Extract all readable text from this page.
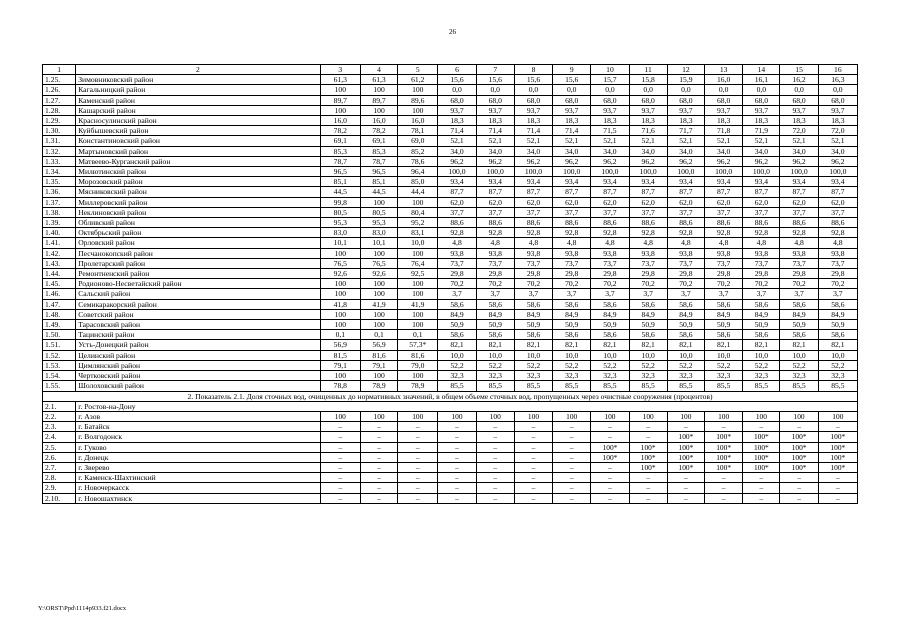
26
1	2	3	4	5	6	7	8	9	10	11	12	13	14	15	16
1.25.	Зимовниковский район	61,3	61,3	61,2	15,6	15,6	15,6	15,6	15,7	15,8	15,9	16,0	16,1	16,2	16,3
1.26.	Кагальницкий район	100	100	100	0,0	0,0	0,0	0,0	0,0	0,0	0,0	0,0	0,0	0,0	0,0
1.27.	Каменский район	89,7	89,7	89,6	68,0	68,0	68,0	68,0	68,0	68,0	68,0	68,0	68,0	68,0	68,0
1.28.	Кашарский район	100	100	100	93,7	93,7	93,7	93,7	93,7	93,7	93,7	93,7	93,7	93,7	93,7
1.29.	Красносулинский район	16,0	16,0	16,0	18,3	18,3	18,3	18,3	18,3	18,3	18,3	18,3	18,3	18,3	18,3
1.30.	Куйбышевский район	78,2	78,2	78,1	71,4	71,4	71,4	71,4	71,5	71,6	71,7	71,8	71,9	72,0	72,0
1.31.	Константиновский район	69,1	69,1	69,0	52,1	52,1	52,1	52,1	52,1	52,1	52,1	52,1	52,1	52,1	52,1
1.32.	Мартыновский район	85,3	85,3	85,2	34,0	34,0	34,0	34,0	34,0	34,0	34,0	34,0	34,0	34,0	34,0
1.33.	Матвеево-Курганский район	78,7	78,7	78,6	96,2	96,2	96,2	96,2	96,2	96,2	96,2	96,2	96,2	96,2	96,2
1.34.	Милютинский район	96,5	96,5	96,4	100,0	100,0	100,0	100,0	100,0	100,0	100,0	100,0	100,0	100,0	100,0
1.35.	Морозовский район	85,1	85,1	85,0	93,4	93,4	93,4	93,4	93,4	93,4	93,4	93,4	93,4	93,4	93,4
1.36.	Мясниковский район	44,5	44,5	44,4	87,7	87,7	87,7	87,7	87,7	87,7	87,7	87,7	87,7	87,7	87,7
1.37.	Миллеровский район	99,8	100	100	62,0	62,0	62,0	62,0	62,0	62,0	62,0	62,0	62,0	62,0	62,0
1.38.	Неклиновский район	80,5	80,5	80,4	37,7	37,7	37,7	37,7	37,7	37,7	37,7	37,7	37,7	37,7	37,7
1.39.	Обливский район	95,3	95,3	95,2	88,6	88,6	88,6	88,6	88,6	88,6	88,6	88,6	88,6	88,6	88,6
1.40.	Октябрьский район	83,0	83,0	83,1	92,8	92,8	92,8	92,8	92,8	92,8	92,8	92,8	92,8	92,8	92,8
1.41.	Орловский район	10,1	10,1	10,0	4,8	4,8	4,8	4,8	4,8	4,8	4,8	4,8	4,8	4,8	4,8
1.42.	Песчанокопский район	100	100	100	93,8	93,8	93,8	93,8	93,8	93,8	93,8	93,8	93,8	93,8	93,8
1.43.	Пролетарский район	76,5	76,5	76,4	73,7	73,7	73,7	73,7	73,7	73,7	73,7	73,7	73,7	73,7	73,7
1.44.	Ремонтненский район	92,6	92,6	92,5	29,8	29,8	29,8	29,8	29,8	29,8	29,8	29,8	29,8	29,8	29,8
1.45.	Родионово-Несветайский район	100	100	100	70,2	70,2	70,2	70,2	70,2	70,2	70,2	70,2	70,2	70,2	70,2
1.46.	Сальский район	100	100	100	3,7	3,7	3,7	3,7	3,7	3,7	3,7	3,7	3,7	3,7	3,7
1.47.	Семикаракорский район	41,8	41,9	41,9	58,6	58,6	58,6	58,6	58,6	58,6	58,6	58,6	58,6	58,6	58,6
1.48.	Советский район	100	100	100	84,9	84,9	84,9	84,9	84,9	84,9	84,9	84,9	84,9	84,9	84,9
1.49.	Тарасовский район	100	100	100	50,9	50,9	50,9	50,9	50,9	50,9	50,9	50,9	50,9	50,9	50,9
1.50.	Тацинский район	0,1	0,1	0,1	58,6	58,6	58,6	58,6	58,6	58,6	58,6	58,6	58,6	58,6	58,6
1.51.	Усть-Донецкий район	56,9	56,9	57,3*	82,1	82,1	82,1	82,1	82,1	82,1	82,1	82,1	82,1	82,1	82,1
1.52.	Целинский район	81,5	81,6	81,6	10,0	10,0	10,0	10,0	10,0	10,0	10,0	10,0	10,0	10,0	10,0
1.53.	Цимлянский район	79,1	79,1	79,0	52,2	52,2	52,2	52,2	52,2	52,2	52,2	52,2	52,2	52,2	52,2
1.54.	Чертковский район	100	100	100	32,3	32,3	32,3	32,3	32,3	32,3	32,3	32,3	32,3	32,3	32,3
1.55.	Шолоховский район	78,8	78,9	78,9	85,5	85,5	85,5	85,5	85,5	85,5	85,5	85,5	85,5	85,5	85,5
2. Показатель 2.1. Доля сточных вод, очищенных до нормативных значений, в общем объеме сточных вод, пропущенных через очистные сооружения (процентов)															
2.1.	г. Ростов-на-Дону														
2.2.	г. Азов	100	100	100	100	100	100	100	100	100	100	100	100	100	100
2.3.	г. Батайск	–	–	–	–	–	–	–	–	–	–	–	–	–	–
2.4.	г. Волгодонск	–	–	–	–	–	–	–	–	–	100*	100*	100*	100*	100*
2.5.	г. Гуково	–	–	–	–	–	–	–	100*	100*	100*	100*	100*	100*	100*
2.6.	г. Донецк	–	–	–	–	–	–	–	100*	100*	100*	100*	100*	100*	100*
2.7.	г. Зверево	–	–	–	–	–	–	–	–	100*	100*	100*	100*	100*	100*
2.8.	г. Каменск-Шахтинский	–	–	–	–	–	–	–	–	–	–	–	–	–	–
2.9.	г. Новочеркасск	–	–	–	–	–	–	–	–	–	–	–	–	–	–
2.10.	г. Новошахтинск	–	–	–	–	–	–	–	–	–	–	–	–	–	–
Y:\ORST\Ppd\1114p933.f21.docx
